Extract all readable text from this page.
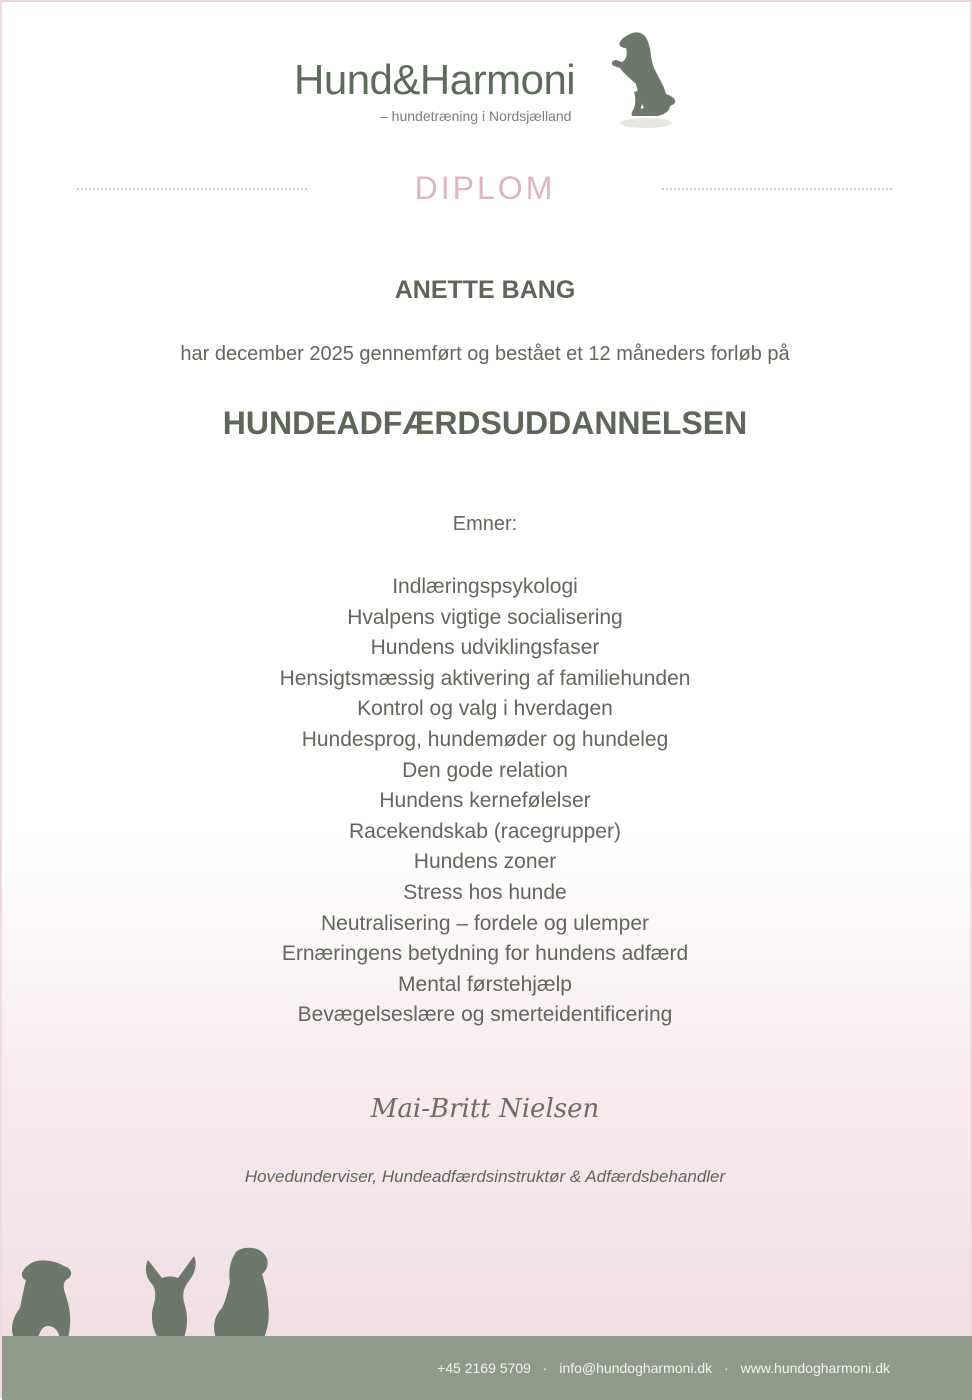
Hund&Harmoni
– hundetræning i Nordsjælland
DIPLOM
ANETTE BANG
har december 2025 gennemført og bestået et 12 måneders forløb på
HUNDEADFÆRDSUDDANNELSEN
Emner:
Indlæringspsykologi
Hvalpens vigtige socialisering
Hundens udviklingsfaser
Hensigtsmæssig aktivering af familiehunden
Kontrol og valg i hverdagen
Hundesprog, hundemøder og hundeleg
Den gode relation
Hundens kernefølelser
Racekendskab (racegrupper)
Hundens zoner
Stress hos hunde
Neutralisering – fordele og ulemper
Ernæringens betydning for hundens adfærd
Mental førstehjælp
Bevægelseslære og smerteidentificering
Mai-Britt Nielsen
Hovedunderviser, Hundeadfærdsinstruktør & Adfærdsbehandler
+45 2169 5709 · info@hundogharmoni.dk · www.hundogharmoni.dk
